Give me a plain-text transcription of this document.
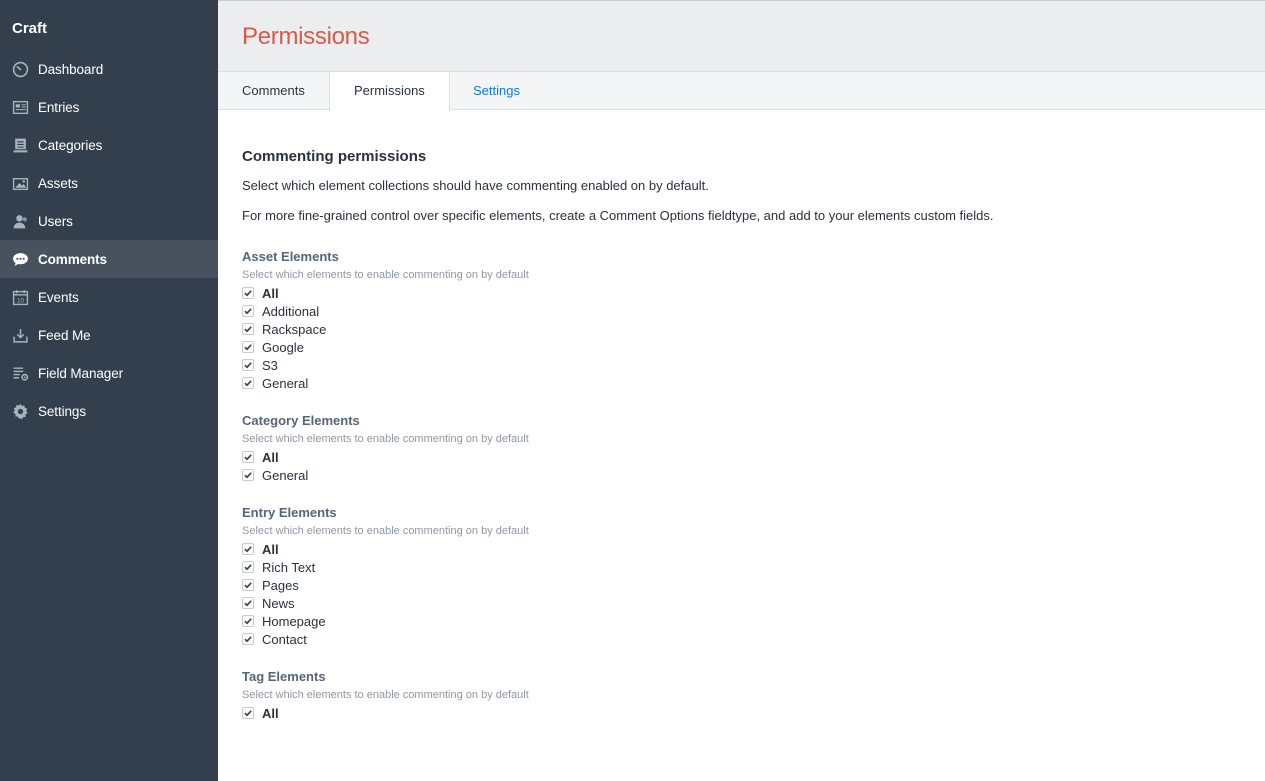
Craft
Dashboard
Entries
Categories
Assets
Users
Comments
10 Events
Feed Me
Field Manager
Settings
Permissions
Comments	Permissions	Settings
Commenting permissions

Select which element collections should have commenting enabled on by default.

For more fine-grained control over specific elements, create a Comment Options fieldtype, and add to your elements custom fields.

Asset Elements
Select which elements to enable commenting on by default
All
Additional
Rackspace
Google
S3
General
Category Elements
Select which elements to enable commenting on by default
All
General
Entry Elements
Select which elements to enable commenting on by default
All
Rich Text
Pages
News
Homepage
Contact
Tag Elements
Select which elements to enable commenting on by default
All
